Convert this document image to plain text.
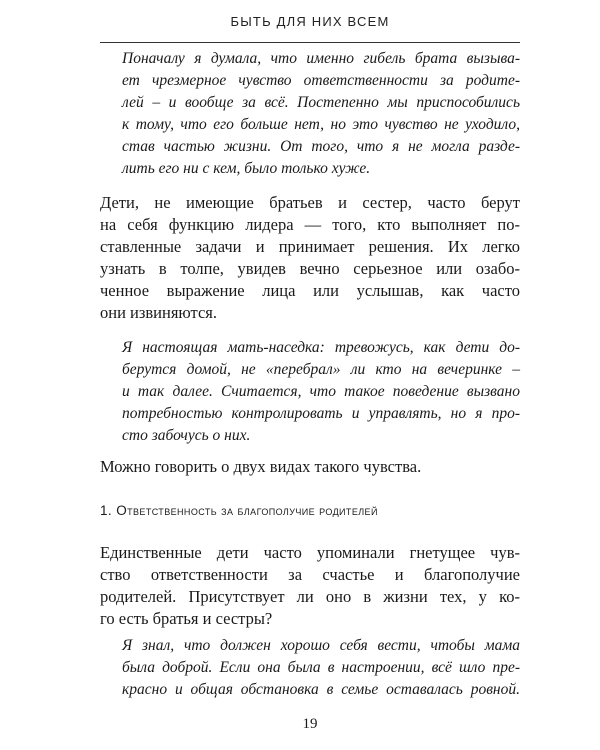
БЫТЬ ДЛЯ НИХ ВСЕМ
Поначалу я думала, что именно гибель брата вызыва-
ет чрезмерное чувство ответственности за родите-
лей – и вообще за всё. Постепенно мы приспособились
к тому, что его больше нет, но это чувство не уходило,
став частью жизни. От того, что я не могла разде-
лить его ни с кем, было только хуже.
Дети, не имеющие братьев и сестер, часто берут
на себя функцию лидера — того, кто выполняет по-
ставленные задачи и принимает решения. Их легко
узнать в толпе, увидев вечно серьезное или озабо-
ченное выражение лица или услышав, как часто
они извиняются.
Я настоящая мать-наседка: тревожусь, как дети до-
берутся домой, не «перебрал» ли кто на вечеринке –
и так далее. Считается, что такое поведение вызвано
потребностью контролировать и управлять, но я про-
сто забочусь о них.
Можно говорить о двух видах такого чувства.
1. Ответственность за благополучие родителей
Единственные дети часто упоминали гнетущее чув-
ство ответственности за счастье и благополучие
родителей. Присутствует ли оно в жизни тех, у ко-
го есть братья и сестры?
Я знал, что должен хорошо себя вести, чтобы мама
была доброй. Если она была в настроении, всё шло пре-
красно и общая обстановка в семье оставалась ровной.
19
